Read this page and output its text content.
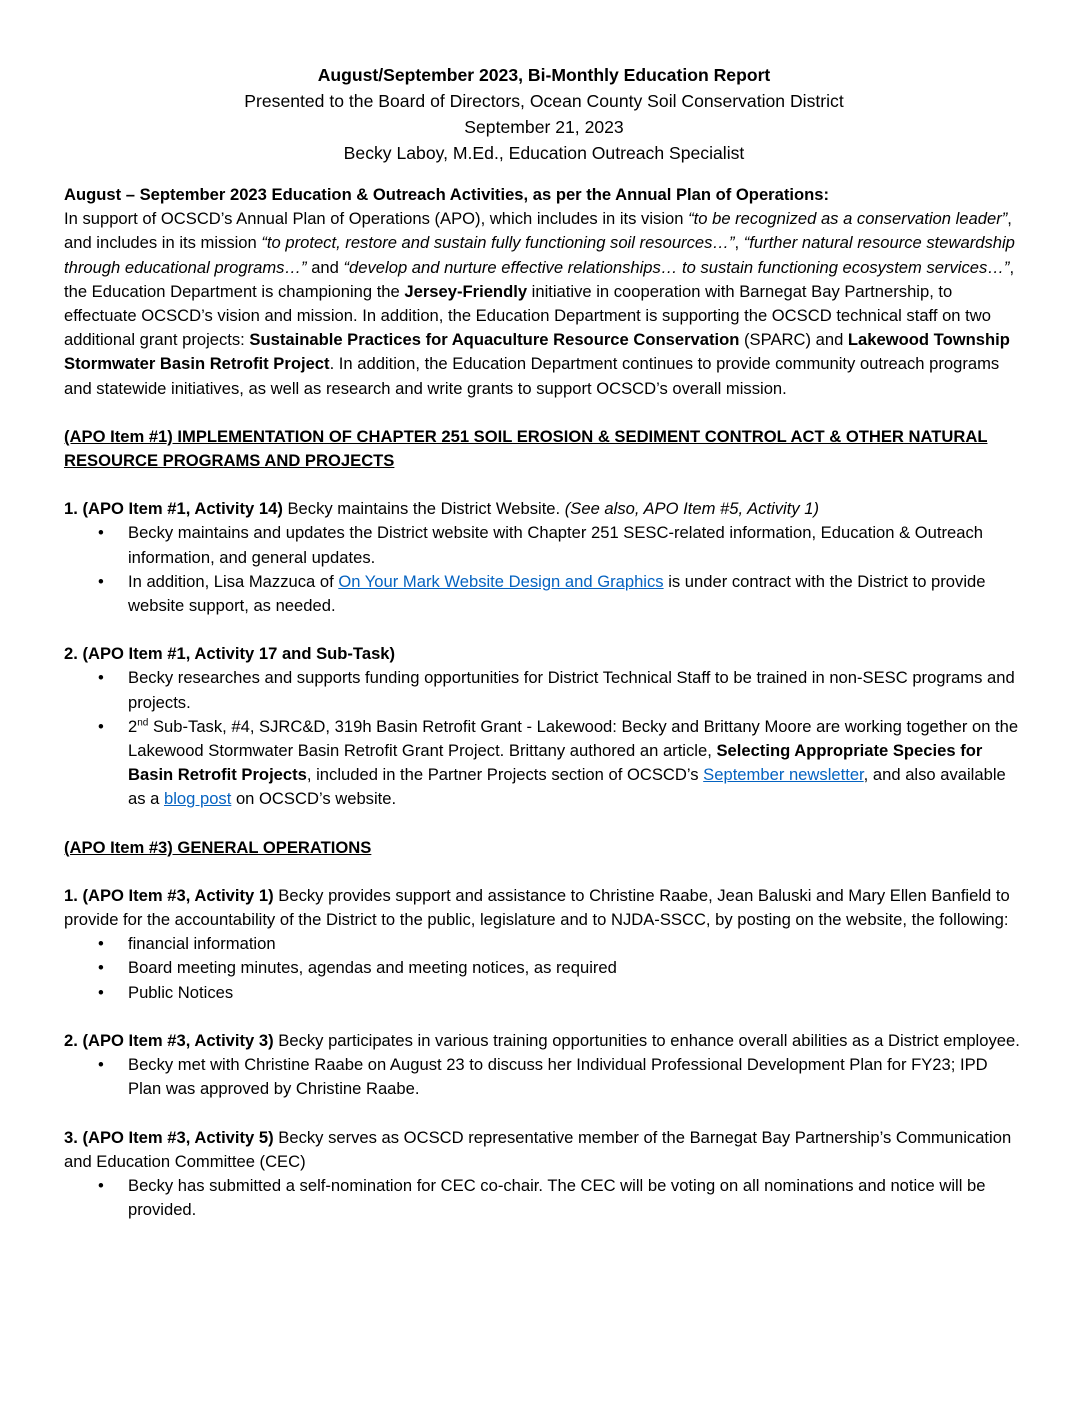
August/September 2023, Bi-Monthly Education Report
Presented to the Board of Directors, Ocean County Soil Conservation District
September 21, 2023
Becky Laboy, M.Ed., Education Outreach Specialist

August – September 2023 Education & Outreach Activities, as per the Annual Plan of Operations:

In support of OCSCD’s Annual Plan of Operations (APO), which includes in its vision “to be recognized as a conservation leader”, and includes in its mission “to protect, restore and sustain fully functioning soil resources…”, “further natural resource stewardship through educational programs…” and “develop and nurture effective relationships… to sustain functioning ecosystem services…”, the Education Department is championing the Jersey-Friendly initiative in cooperation with Barnegat Bay Partnership, to effectuate OCSCD’s vision and mission. In addition, the Education Department is supporting the OCSCD technical staff on two additional grant projects: Sustainable Practices for Aquaculture Resource Conservation (SPARC) and Lakewood Township Stormwater Basin Retrofit Project. In addition, the Education Department continues to provide community outreach programs and statewide initiatives, as well as research and write grants to support OCSCD’s overall mission.

(APO Item #1) IMPLEMENTATION OF CHAPTER 251 SOIL EROSION & SEDIMENT CONTROL ACT & OTHER NATURAL RESOURCE PROGRAMS AND PROJECTS

1. (APO Item #1, Activity 14) Becky maintains the District Website. (See also, APO Item #5, Activity 1)

• Becky maintains and updates the District website with Chapter 251 SESC-related information, Education & Outreach information, and general updates.
• In addition, Lisa Mazzuca of On Your Mark Website Design and Graphics is under contract with the District to provide website support, as needed.

2. (APO Item #1, Activity 17 and Sub-Task)

• Becky researches and supports funding opportunities for District Technical Staff to be trained in non-SESC programs and projects.
• 2nd Sub-Task, #4, SJRC&D, 319h Basin Retrofit Grant - Lakewood: Becky and Brittany Moore are working together on the Lakewood Stormwater Basin Retrofit Grant Project. Brittany authored an article, Selecting Appropriate Species for Basin Retrofit Projects, included in the Partner Projects section of OCSCD’s September newsletter, and also available as a blog post on OCSCD’s website.

(APO Item #3) GENERAL OPERATIONS

1. (APO Item #3, Activity 1) Becky provides support and assistance to Christine Raabe, Jean Baluski and Mary Ellen Banfield to provide for the accountability of the District to the public, legislature and to NJDA-SSCC, by posting on the website, the following:

• financial information
• Board meeting minutes, agendas and meeting notices, as required
• Public Notices

2. (APO Item #3, Activity 3) Becky participates in various training opportunities to enhance overall abilities as a District employee.

• Becky met with Christine Raabe on August 23 to discuss her Individual Professional Development Plan for FY23; IPD Plan was approved by Christine Raabe.

3. (APO Item #3, Activity 5) Becky serves as OCSCD representative member of the Barnegat Bay Partnership’s Communication and Education Committee (CEC)

• Becky has submitted a self-nomination for CEC co-chair. The CEC will be voting on all nominations and notice will be provided.
